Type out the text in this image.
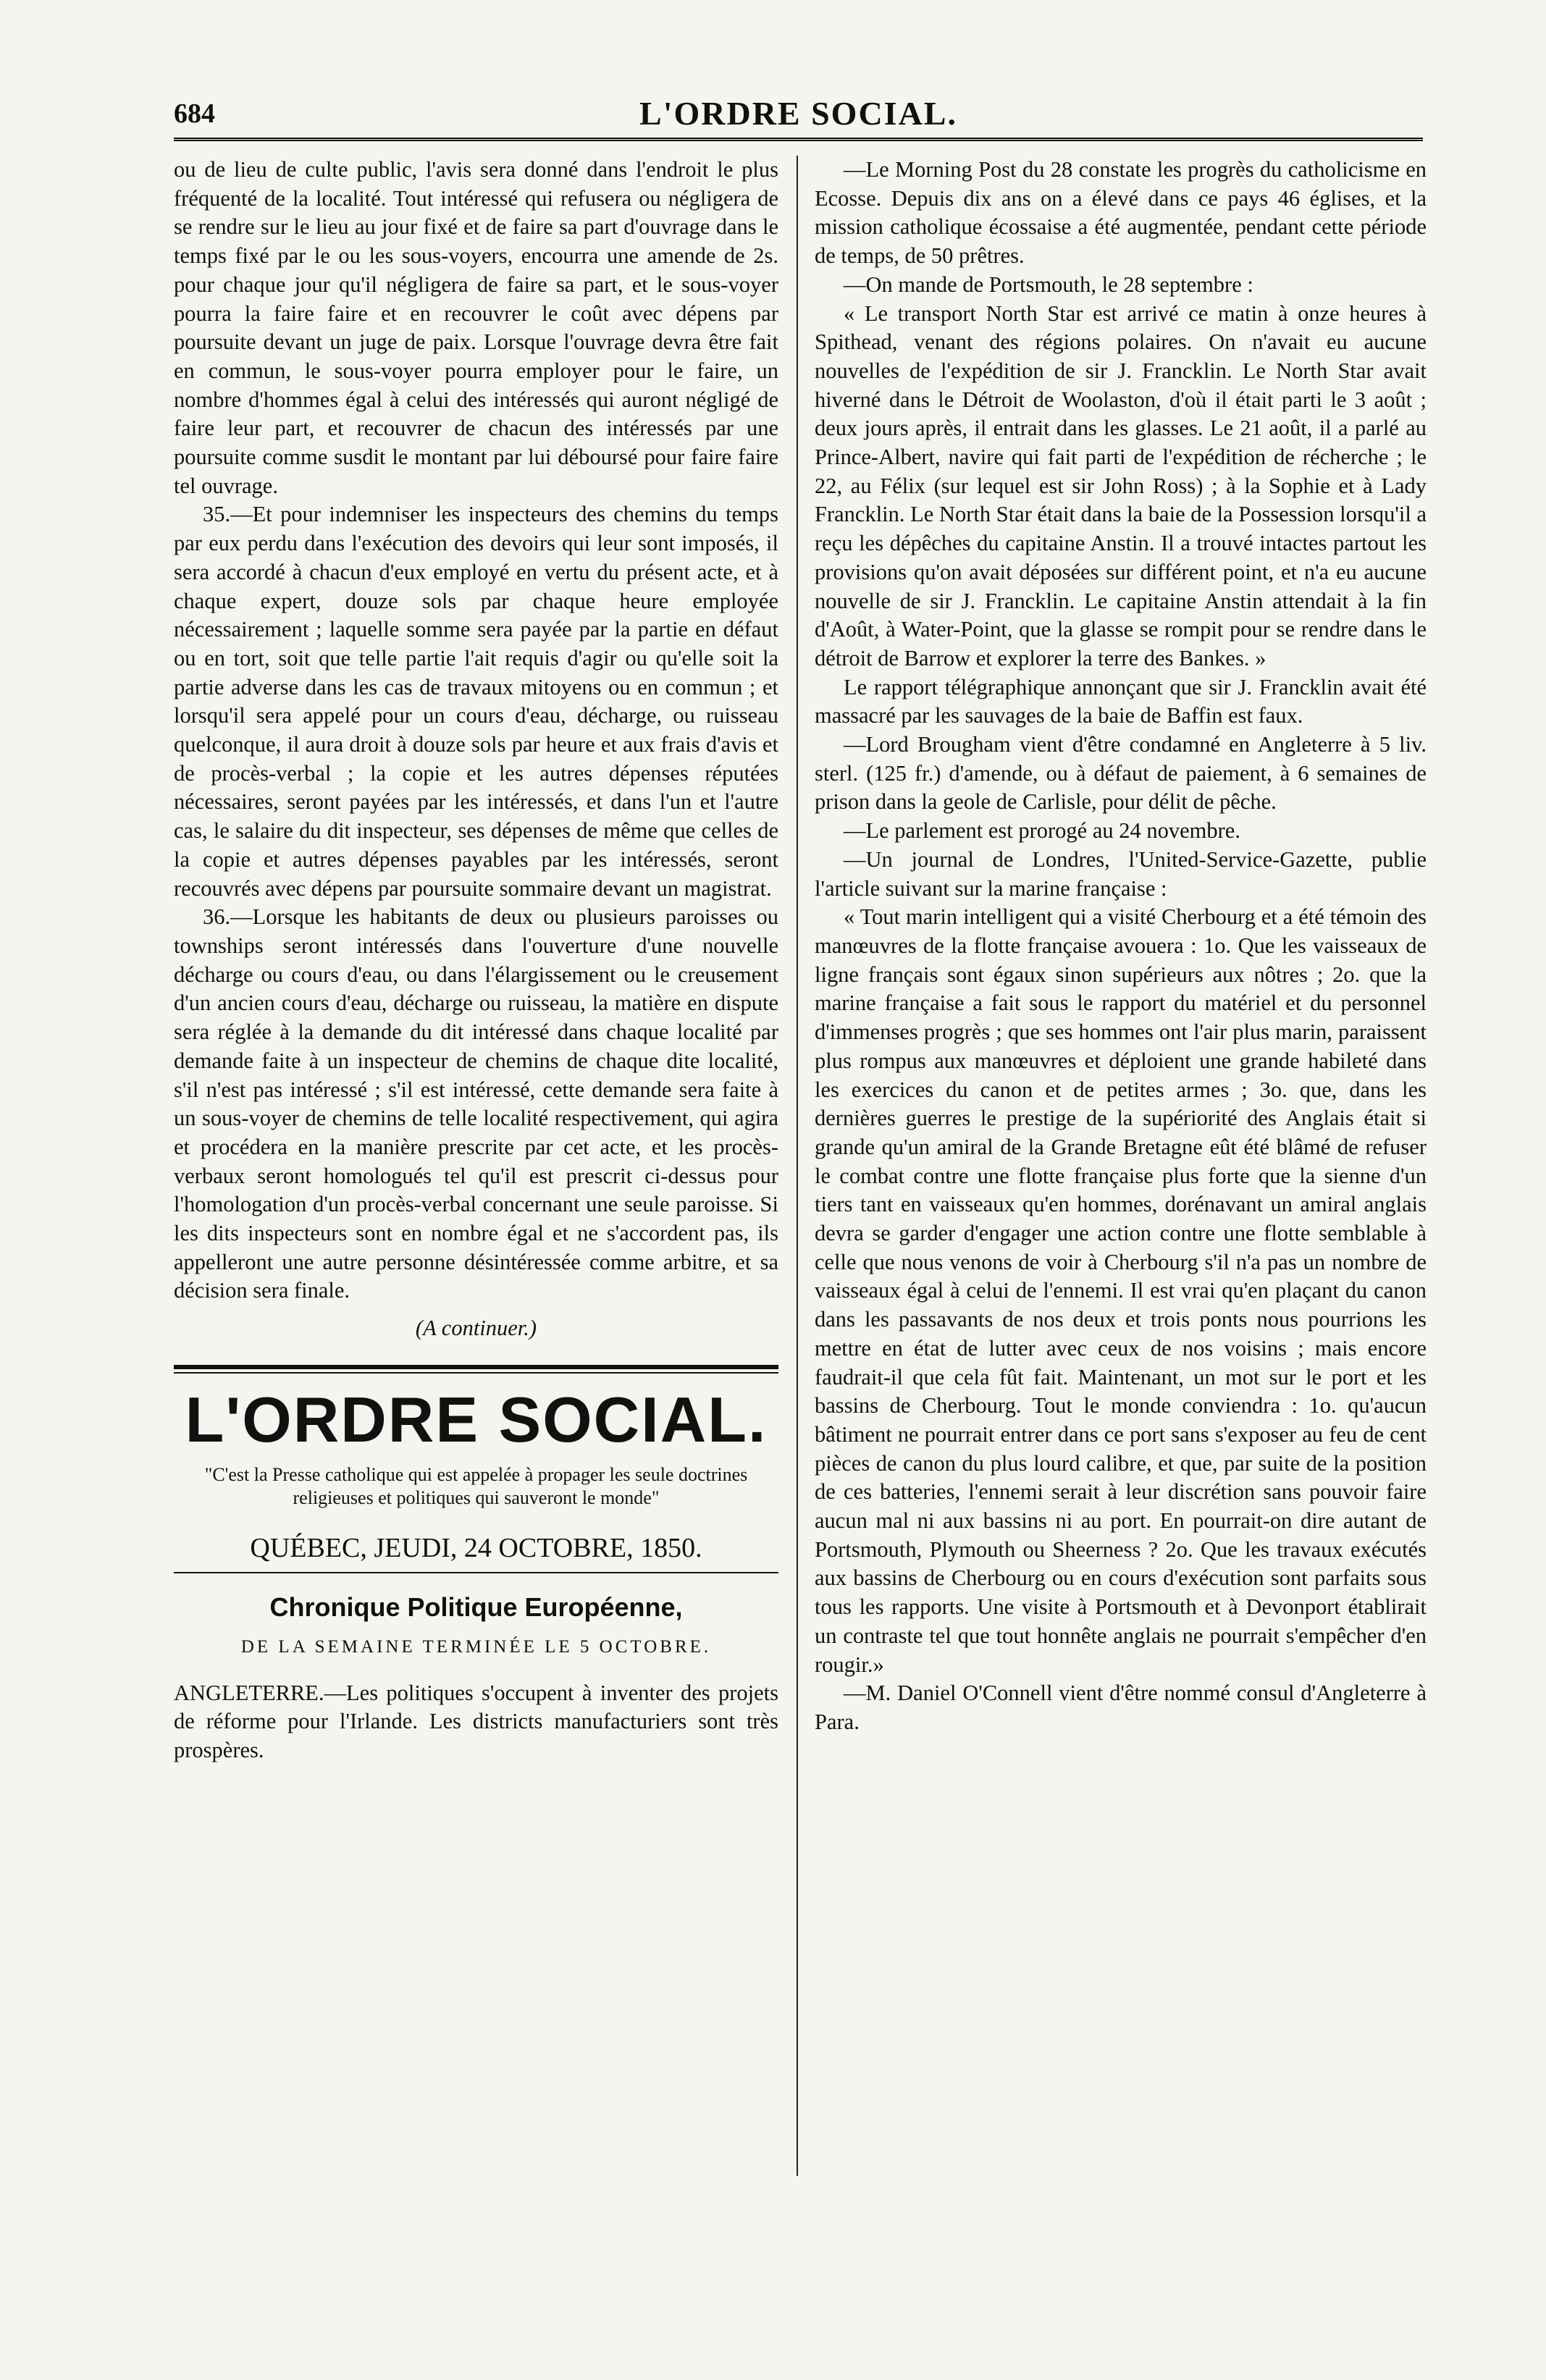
684	L'ORDRE SOCIAL.

ou de lieu de culte public, l'avis sera donné dans l'endroit le plus fréquenté de la localité. Tout intéressé qui refusera ou négligera de se rendre sur le lieu au jour fixé et de faire sa part d'ouvrage dans le temps fixé par le ou les sous-voyers, encourra une amende de 2s. pour chaque jour qu'il négligera de faire sa part, et le sous-voyer pourra la faire faire et en recouvrer le coût avec dépens par poursuite devant un juge de paix. Lorsque l'ouvrage devra être fait en commun, le sous-voyer pourra employer pour le faire, un nombre d'hommes égal à celui des intéressés qui auront négligé de faire leur part, et recouvrer de chacun des intéressés par une poursuite comme susdit le montant par lui déboursé pour faire faire tel ouvrage.

35.—Et pour indemniser les inspecteurs des chemins du temps par eux perdu dans l'exécution des devoirs qui leur sont imposés, il sera accordé à chacun d'eux employé en vertu du présent acte, et à chaque expert, douze sols par chaque heure employée nécessairement ; laquelle somme sera payée par la partie en défaut ou en tort, soit que telle partie l'ait requis d'agir ou qu'elle soit la partie adverse dans les cas de travaux mitoyens ou en commun ; et lorsqu'il sera appelé pour un cours d'eau, décharge, ou ruisseau quelconque, il aura droit à douze sols par heure et aux frais d'avis et de procès-verbal ; la copie et les autres dépenses réputées nécessaires, seront payées par les intéressés, et dans l'un et l'autre cas, le salaire du dit inspecteur, ses dépenses de même que celles de la copie et autres dépenses payables par les intéressés, seront recouvrés avec dépens par poursuite sommaire devant un magistrat.

36.—Lorsque les habitants de deux ou plusieurs paroisses ou townships seront intéressés dans l'ouverture d'une nouvelle décharge ou cours d'eau, ou dans l'élargissement ou le creusement d'un ancien cours d'eau, décharge ou ruisseau, la matière en dispute sera réglée à la demande du dit intéressé dans chaque localité par demande faite à un inspecteur de chemins de chaque dite localité, s'il n'est pas intéressé ; s'il est intéressé, cette demande sera faite à un sous-voyer de chemins de telle localité respectivement, qui agira et procédera en la manière prescrite par cet acte, et les procès-verbaux seront homologués tel qu'il est prescrit ci-dessus pour l'homologation d'un procès-verbal concernant une seule paroisse. Si les dits inspecteurs sont en nombre égal et ne s'accordent pas, ils appelleront une autre personne désintéressée comme arbitre, et sa décision sera finale.

(A continuer.)

L'ORDRE SOCIAL.
"C'est la Presse catholique qui est appelée à propager les seule doctrines religieuses et politiques qui sauveront le monde"
QUÉBEC, JEUDI, 24 OCTOBRE, 1850.
Chronique Politique Européenne,
DE LA SEMAINE TERMINÉE LE 5 OCTOBRE.

ANGLETERRE.—Les politiques s'occupent à inventer des projets de réforme pour l'Irlande. Les districts manufacturiers sont très prospères.

—Le Morning Post du 28 constate les progrès du catholicisme en Ecosse. Depuis dix ans on a élevé dans ce pays 46 églises, et la mission catholique écossaise a été augmentée, pendant cette période de temps, de 50 prêtres.

—On mande de Portsmouth, le 28 septembre :

« Le transport North Star est arrivé ce matin à onze heures à Spithead, venant des régions polaires. On n'avait eu aucune nouvelles de l'expédition de sir J. Francklin. Le North Star avait hiverné dans le Détroit de Woolaston, d'où il était parti le 3 août ; deux jours après, il entrait dans les glasses. Le 21 août, il a parlé au Prince-Albert, navire qui fait parti de l'expédition de récherche ; le 22, au Félix (sur lequel est sir John Ross) ; à la Sophie et à Lady Francklin. Le North Star était dans la baie de la Possession lorsqu'il a reçu les dépêches du capitaine Anstin. Il a trouvé intactes partout les provisions qu'on avait déposées sur différent point, et n'a eu aucune nouvelle de sir J. Francklin. Le capitaine Anstin attendait à la fin d'Août, à Water-Point, que la glasse se rompit pour se rendre dans le détroit de Barrow et explorer la terre des Bankes. »

Le rapport télégraphique annonçant que sir J. Francklin avait été massacré par les sauvages de la baie de Baffin est faux.

—Lord Brougham vient d'être condamné en Angleterre à 5 liv. sterl. (125 fr.) d'amende, ou à défaut de paiement, à 6 semaines de prison dans la geole de Carlisle, pour délit de pêche.

—Le parlement est prorogé au 24 novembre.

—Un journal de Londres, l'United-Service-Gazette, publie l'article suivant sur la marine française :

« Tout marin intelligent qui a visité Cherbourg et a été témoin des manœuvres de la flotte française avouera : 1o. Que les vaisseaux de ligne français sont égaux sinon supérieurs aux nôtres ; 2o. que la marine française a fait sous le rapport du matériel et du personnel d'immenses progrès ; que ses hommes ont l'air plus marin, paraissent plus rompus aux manœuvres et déploient une grande habileté dans les exercices du canon et de petites armes ; 3o. que, dans les dernières guerres le prestige de la supériorité des Anglais était si grande qu'un amiral de la Grande Bretagne eût été blâmé de refuser le combat contre une flotte française plus forte que la sienne d'un tiers tant en vaisseaux qu'en hommes, dorénavant un amiral anglais devra se garder d'engager une action contre une flotte semblable à celle que nous venons de voir à Cherbourg s'il n'a pas un nombre de vaisseaux égal à celui de l'ennemi. Il est vrai qu'en plaçant du canon dans les passavants de nos deux et trois ponts nous pourrions les mettre en état de lutter avec ceux de nos voisins ; mais encore faudrait-il que cela fût fait. Maintenant, un mot sur le port et les bassins de Cherbourg. Tout le monde conviendra : 1o. qu'aucun bâtiment ne pourrait entrer dans ce port sans s'exposer au feu de cent pièces de canon du plus lourd calibre, et que, par suite de la position de ces batteries, l'ennemi serait à leur discrétion sans pouvoir faire aucun mal ni aux bassins ni au port. En pourrait-on dire autant de Portsmouth, Plymouth ou Sheerness ? 2o. Que les travaux exécutés aux bassins de Cherbourg ou en cours d'exécution sont parfaits sous tous les rapports. Une visite à Portsmouth et à Devonport établirait un contraste tel que tout honnête anglais ne pourrait s'empêcher d'en rougir.»

—M. Daniel O'Connell vient d'être nommé consul d'Angleterre à Para.
